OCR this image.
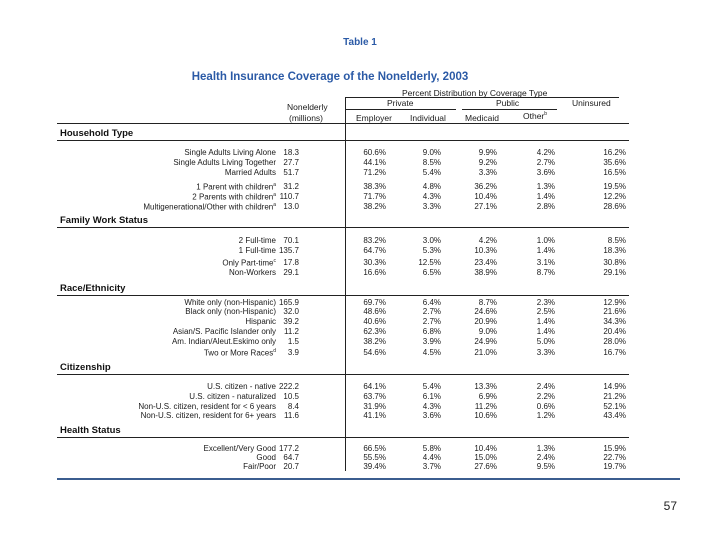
Table 1
Health Insurance Coverage of the Nonelderly, 2003
Percent Distribution by Coverage Type
Private	Public	Uninsured
Nonelderly
(millions)	Employer Individual Medicaid	Other$^b$
Household Type
Single Adults Living Alone 18.3	60.6%	9.0%	9.9%	4.2%	16.2%
Single Adults Living Together 27.7	44.1%	8.5%	9.2%	2.7%	35.6%
Married Adults 51.7	71.2%	5.4%	3.3%	3.6%	16.5%
1 Parent with children$^a$ 31.2	38.3%	4.8%	36.2%	1.3%	19.5%
2 Parents with children$^a$ 110.7	71.7%	4.3%	10.4%	1.4%	12.2%
Multigenerational/Other with children$^a$ 13.0	38.2%	3.3%	27.1%	2.8%	28.6%
Family Work Status
2 Full-time 70.1	83.2%	3.0%	4.2%	1.0%	8.5%
1 Full-time 135.7	64.7%	5.3%	10.3%	1.4%	18.3%
Only Part-time$^c$ 17.8	30.3%	12.5%	23.4%	3.1%	30.8%
Non-Workers 29.1	16.6%	6.5%	38.9%	8.7%	29.1%
Race/Ethnicity
White only (non-Hispanic) 165.9	69.7%	6.4%	8.7%	2.3%	12.9%
Black only (non-Hispanic) 32.0	48.6%	2.7%	24.6%	2.5%	21.6%
Hispanic 39.2	40.6%	2.7%	20.9%	1.4%	34.3%
Asian/S. Pacific Islander only	11.2	62.3%	6.8%	9.0%	1.4%	20.4%
Am. Indian/Aleut.Eskimo only	1.5	38.2%	3.9%	24.9%	5.0%	28.0%
Two or More Races$^d$	3.9	54.6%	4.5%	21.0%	3.3%	16.7%
Citizenship
U.S. citizen - native 222.2	64.1%	5.4%	13.3%	2.4%	14.9%
U.S. citizen - naturalized 10.5	63.7%	6.1%	6.9%	2.2%	21.2%
Non-U.S. citizen, resident for < 6 years	8.4	31.9%	4.3%	11.2%	0.6%	52.1%
Non-U.S. citizen, resident for 6+ years	11.6	41.1%	3.6%	10.6%	1.2%	43.4%
Health Status
Excellent/Very Good 177.2	66.5%	5.8%	10.4%	1.3%	15.9%
Good 64.7	55.5%	4.4%	15.0%	2.4%	22.7%
Fair/Poor 20.7	39.4%	3.7%	27.6%	9.5%	19.7%
57
